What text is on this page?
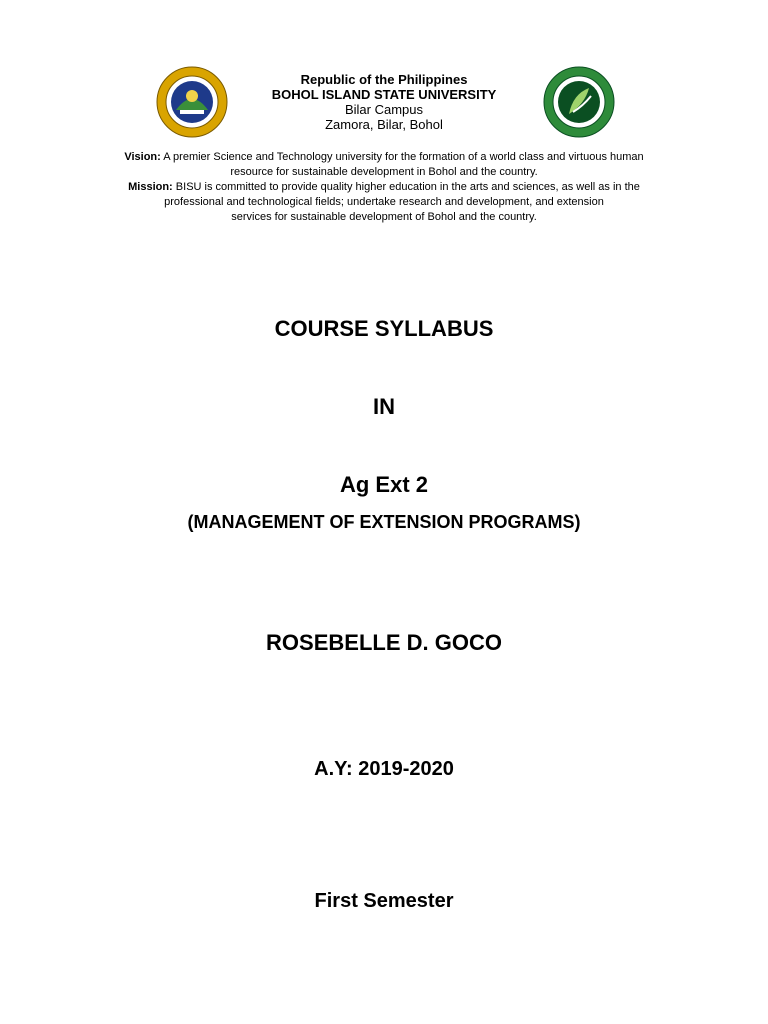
Republic of the Philippines
BOHOL ISLAND STATE UNIVERSITY
Bilar Campus
Zamora, Bilar, Bohol

Vision: A premier Science and Technology university for the formation of a world class and virtuous human

resource for sustainable development in Bohol and the country.

Mission: BISU is committed to provide quality higher education in the arts and sciences, as well as in the

professional and technological fields; undertake research and development, and extension

services for sustainable development of Bohol and the country.

COURSE SYLLABUS
IN
Ag Ext 2
(MANAGEMENT OF EXTENSION PROGRAMS)
ROSEBELLE D. GOCO
A.Y: 2019-2020
First Semester
